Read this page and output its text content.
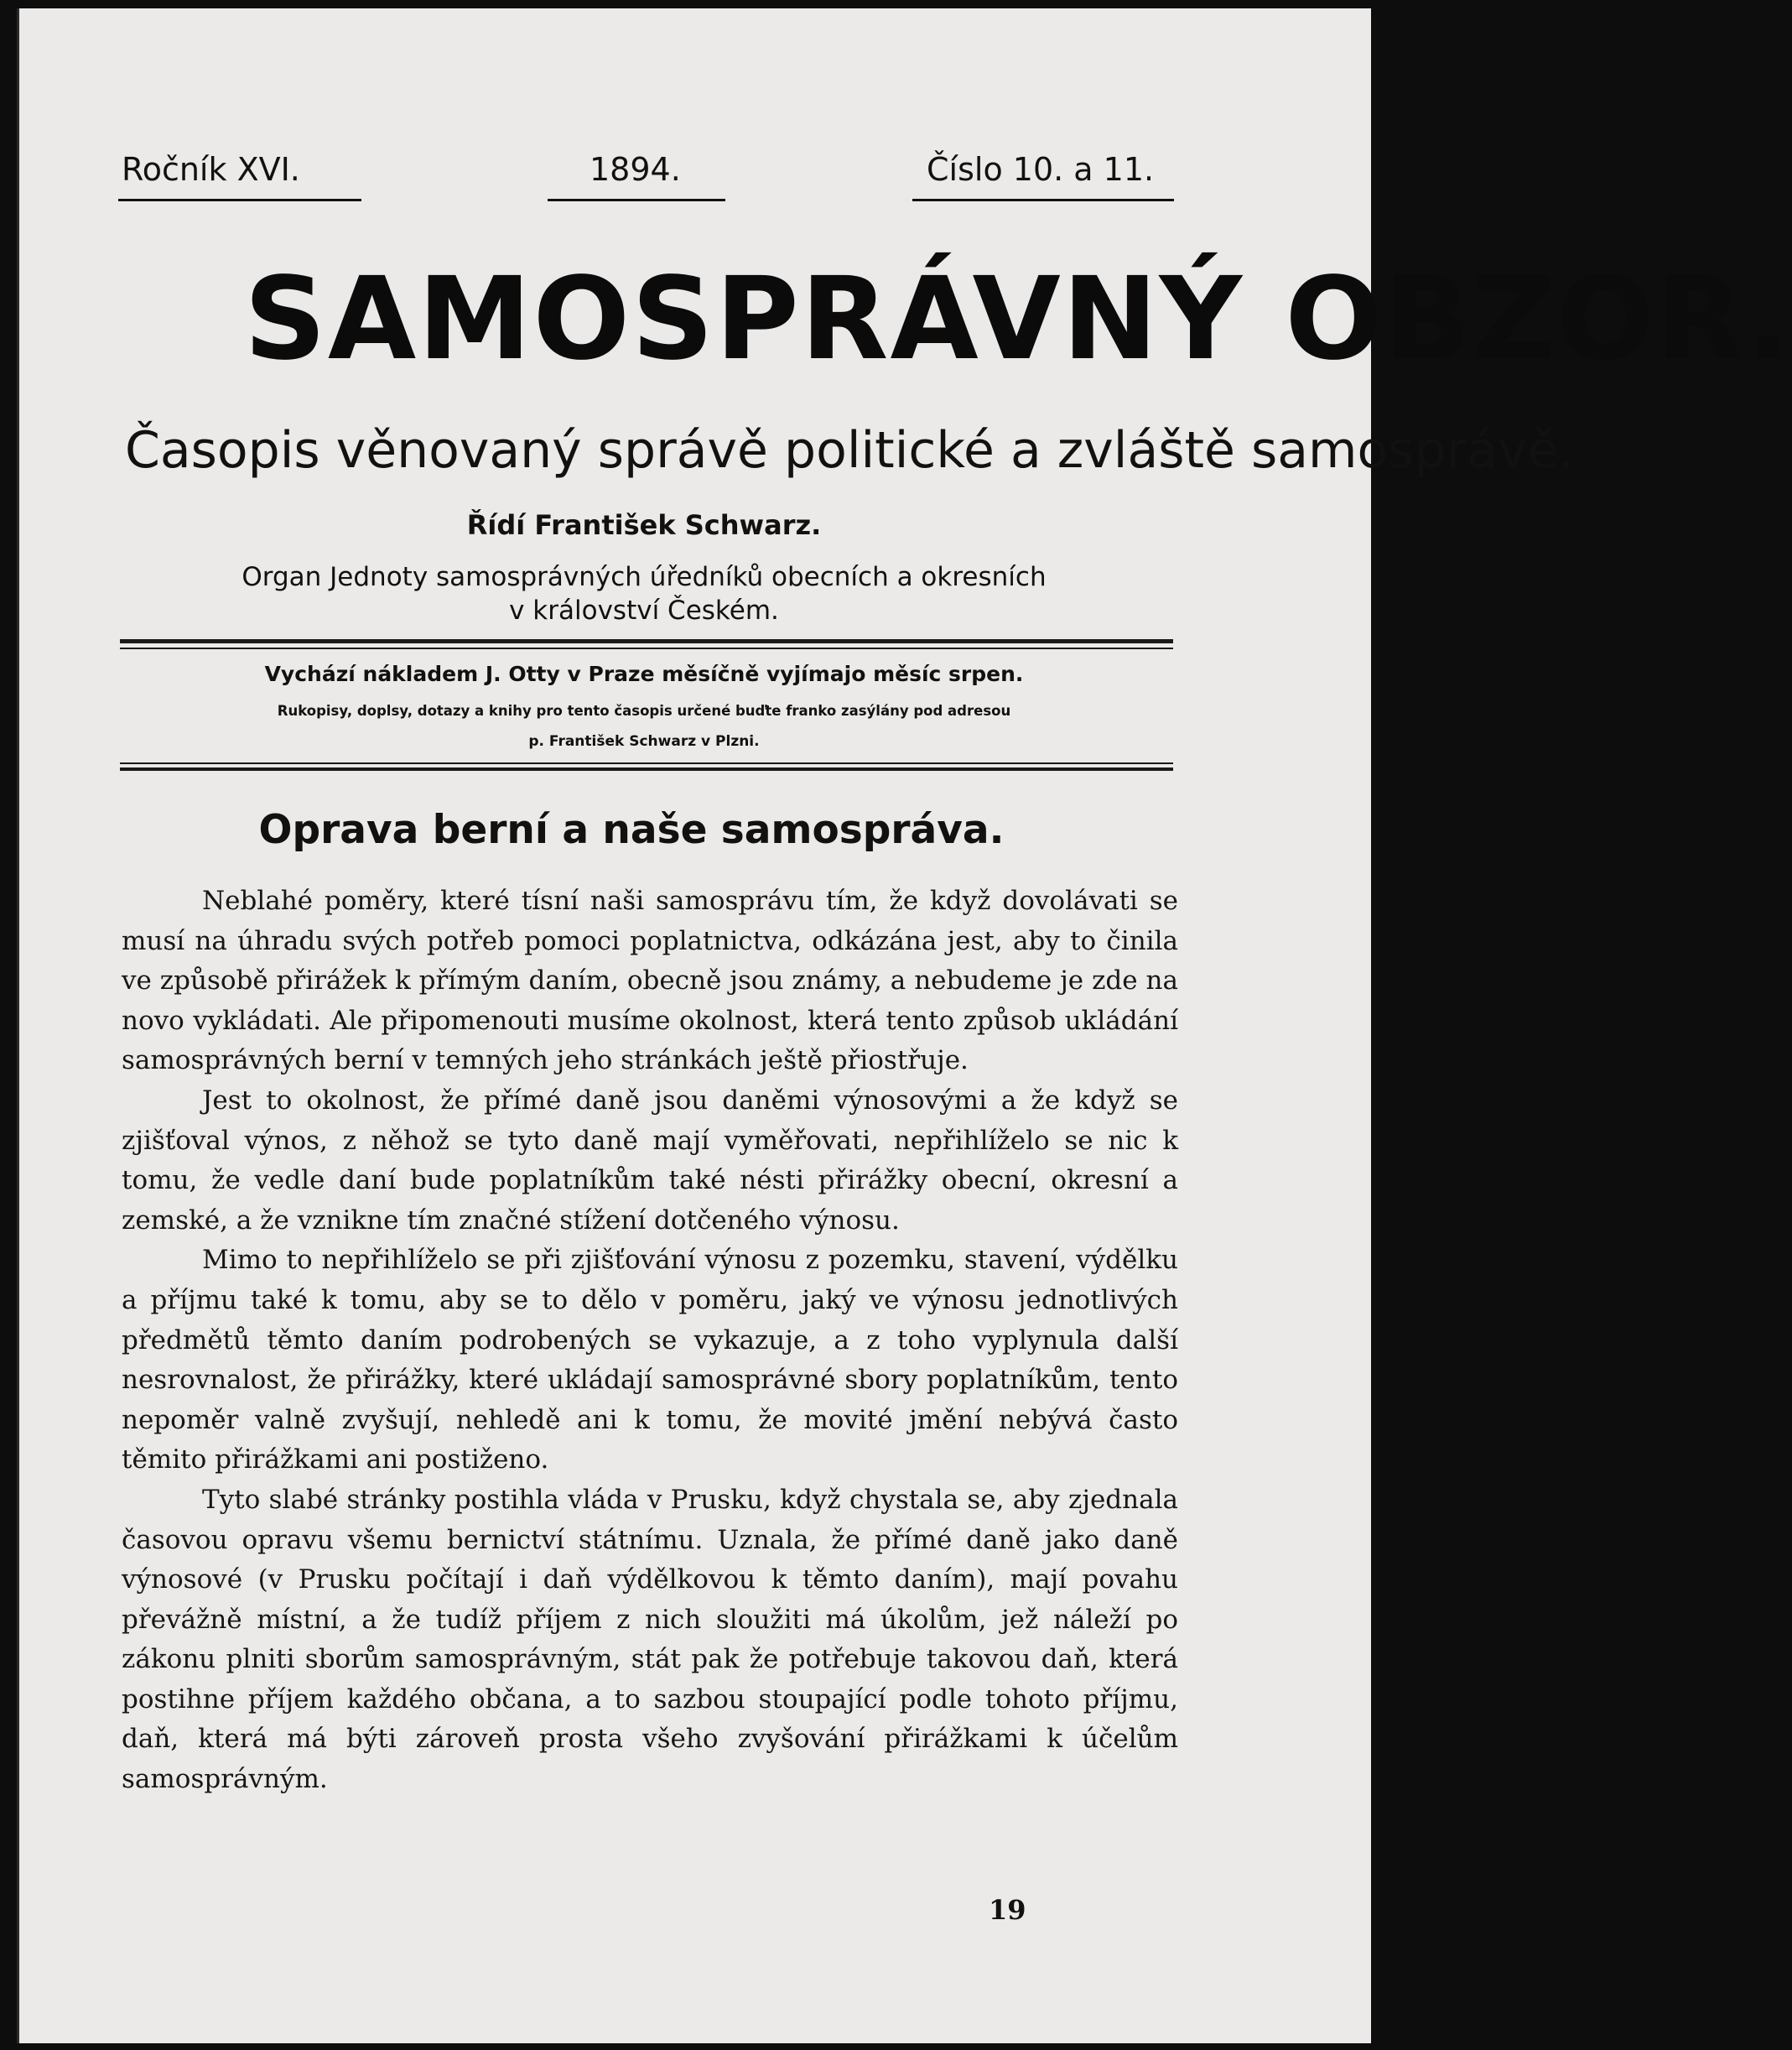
Ročník XVI.	1894.	Číslo 10. a 11.
SAMOSPRÁVNÝ OBZOR.
Časopis věnovaný správě politické a zvláště samosprávě.
Řídí František Schwarz.
Organ Jednoty samosprávných úředníků obecních a okresních
v království Českém.
Vychází nákladem J. Otty v Praze měsíčně vyjímajo měsíc srpen.
Rukopisy, doplsy, dotazy a knihy pro tento časopis určené buďte franko zasýlány pod adresou
p. František Schwarz v Plzni.
Oprava berní a naše samospráva.

Neblahé poměry, které tísní naši samosprávu tím, že když dovolávati se musí na úhradu svých potřeb pomoci poplatnictva, odkázána jest, aby to činila ve způsobě přirážek k přímým daním, obecně jsou známy, a nebudeme je zde na novo vykládati. Ale připomenouti musíme okolnost, která tento způsob ukládání samosprávných berní v temných jeho stránkách ještě přiostřuje.

Jest to okolnost, že přímé daně jsou daněmi výnosovými a že když se zjišťoval výnos, z něhož se tyto daně mají vyměřovati, nepřihlíželo se nic k tomu, že vedle daní bude poplatníkům také nésti přirážky obecní, okresní a zemské, a že vznikne tím značné stížení dotčeného výnosu.

Mimo to nepřihlíželo se při zjišťování výnosu z pozemku, stavení, výdělku a příjmu také k tomu, aby se to dělo v poměru, jaký ve výnosu jednotlivých předmětů těmto daním podrobených se vykazuje, a z toho vyplynula další nesrovnalost, že přirážky, které ukládají samosprávné sbory poplatníkům, tento nepoměr valně zvyšují, nehledě ani k tomu, že movité jmění nebývá často těmito přirážkami ani postiženo.

Tyto slabé stránky postihla vláda v Prusku, když chystala se, aby zjednala časovou opravu všemu bernictví státnímu. Uznala, že přímé daně jako daně výnosové (v Prusku počítají i daň výdělkovou k těmto daním), mají povahu převážně místní, a že tudíž příjem z nich sloužiti má úkolům, jež náleží po zákonu plniti sborům samosprávným, stát pak že potřebuje takovou daň, která postihne příjem každého občana, a to sazbou stoupající podle tohoto příjmu, daň, která má býti zároveň prosta všeho zvyšování přirážkami k účelům samosprávným.

19
